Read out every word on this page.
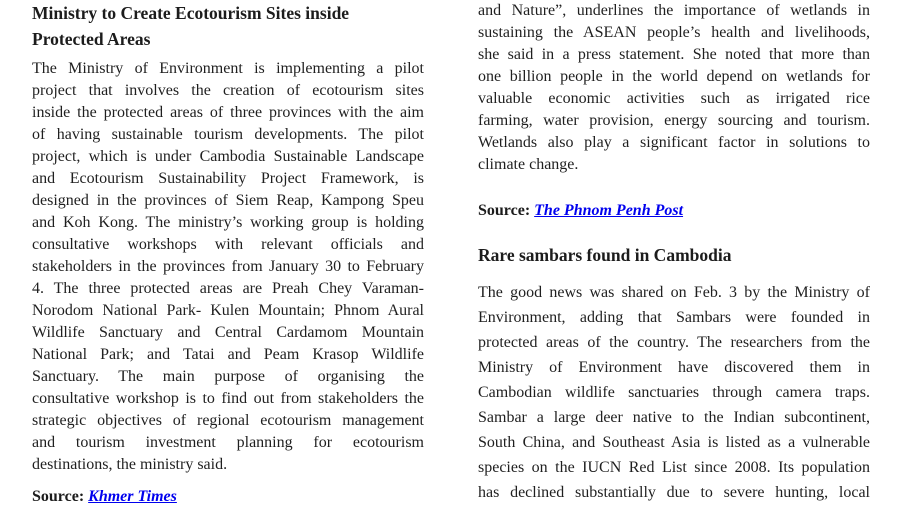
Ministry to Create Ecotourism Sites inside
Protected Areas
The Ministry of Environment is implementing a pilot
project that involves the creation of ecotourism sites
inside the protected areas of three provinces with the aim
of having sustainable tourism developments. The pilot
project, which is under Cambodia Sustainable Landscape
and Ecotourism Sustainability Project Framework, is
designed in the provinces of Siem Reap, Kampong Speu
and Koh Kong. The ministry’s working group is holding
consultative workshops with relevant officials and
stakeholders in the provinces from January 30 to February
4. The three protected areas are Preah Chey Varaman-
Norodom National Park- Kulen Mountain; Phnom Aural
Wildlife Sanctuary and Central Cardamom Mountain
National Park; and Tatai and Peam Krasop Wildlife
Sanctuary. The main purpose of organising the
consultative workshop is to find out from stakeholders the
strategic objectives of regional ecotourism management
and tourism investment planning for ecotourism
destinations, the ministry said.
Source: Khmer Times
and Nature”, underlines the importance of wetlands in
sustaining the ASEAN people’s health and livelihoods,
she said in a press statement. She noted that more than
one billion people in the world depend on wetlands for
valuable economic activities such as irrigated rice
farming, water provision, energy sourcing and tourism.
Wetlands also play a significant factor in solutions to
climate change.
Source: The Phnom Penh Post
Rare sambars found in Cambodia
The good news was shared on Feb. 3 by the Ministry of
Environment, adding that Sambars were founded in
protected areas of the country. The researchers from the
Ministry of Environment have discovered them in
Cambodian wildlife sanctuaries through camera traps.
Sambar a large deer native to the Indian subcontinent,
South China, and Southeast Asia is listed as a vulnerable
species on the IUCN Red List since 2008. Its population
has declined substantially due to severe hunting, local
